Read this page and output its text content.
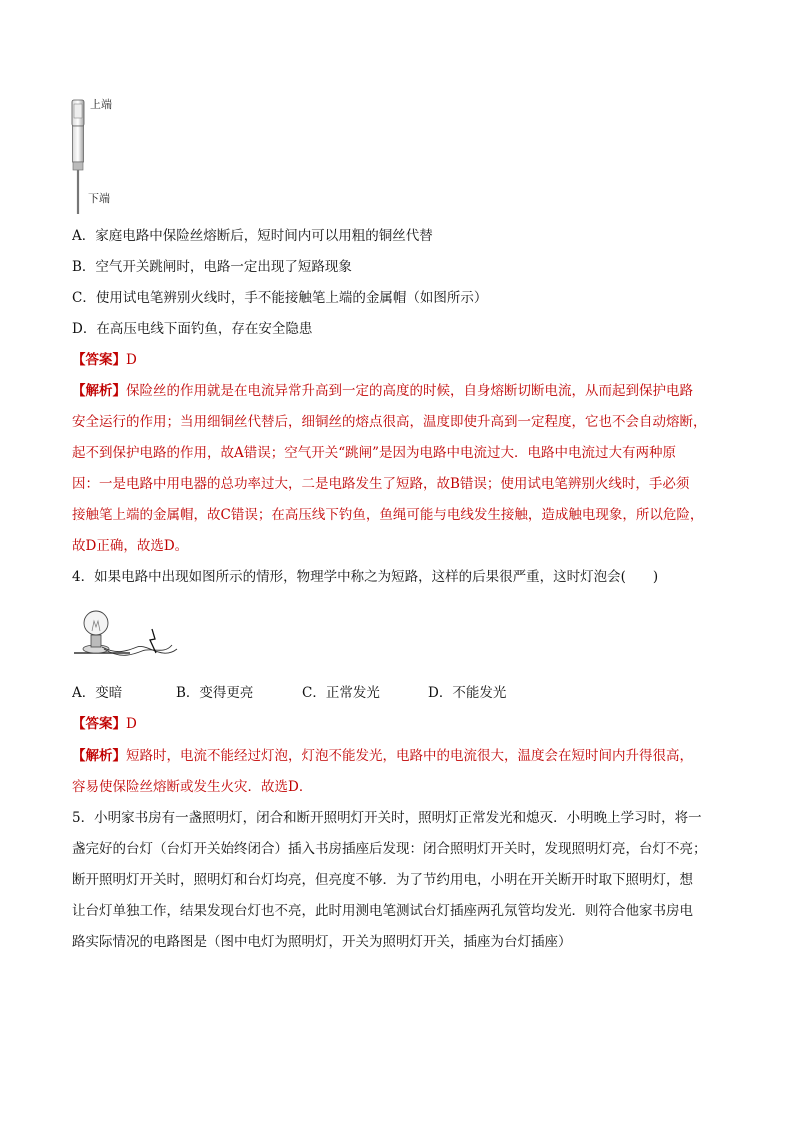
上端
下端
A．家庭电路中保险丝熔断后，短时间内可以用粗的铜丝代替
B．空气开关跳闸时，电路一定出现了短路现象
C．使用试电笔辨别火线时，手不能接触笔上端的金属帽（如图所示）
D．在高压电线下面钓鱼，存在安全隐患
【答案】D
【解析】保险丝的作用就是在电流异常升高到一定的高度的时候，自身熔断切断电流，从而起到保护电路
安全运行的作用；当用细铜丝代替后，细铜丝的熔点很高，温度即使升高到一定程度，它也不会自动熔断，
起不到保护电路的作用，故A错误；空气开关“跳闸”是因为电路中电流过大．电路中电流过大有两种原
因：一是电路中用电器的总功率过大，二是电路发生了短路，故B错误；使用试电笔辨别火线时，手必须
接触笔上端的金属帽，故C错误；在高压线下钓鱼，鱼绳可能与电线发生接触，造成触电现象，所以危险，
故D正确，故选D。
4．如果电路中出现如图所示的情形，物理学中称之为短路，这样的后果很严重，这时灯泡会(　　)
A．变暗	B．变得更亮	C．正常发光	D．不能发光
【答案】D
【解析】短路时，电流不能经过灯泡，灯泡不能发光，电路中的电流很大，温度会在短时间内升得很高，
容易使保险丝熔断或发生火灾．故选D．
5．小明家书房有一盏照明灯，闭合和断开照明灯开关时，照明灯正常发光和熄灭．小明晚上学习时，将一
盏完好的台灯（台灯开关始终闭合）插入书房插座后发现：闭合照明灯开关时，发现照明灯亮，台灯不亮；
断开照明灯开关时，照明灯和台灯均亮，但亮度不够．为了节约用电，小明在开关断开时取下照明灯，想
让台灯单独工作，结果发现台灯也不亮，此时用测电笔测试台灯插座两孔氖管均发光．则符合他家书房电
路实际情况的电路图是（图中电灯为照明灯，开关为照明灯开关，插座为台灯插座）
